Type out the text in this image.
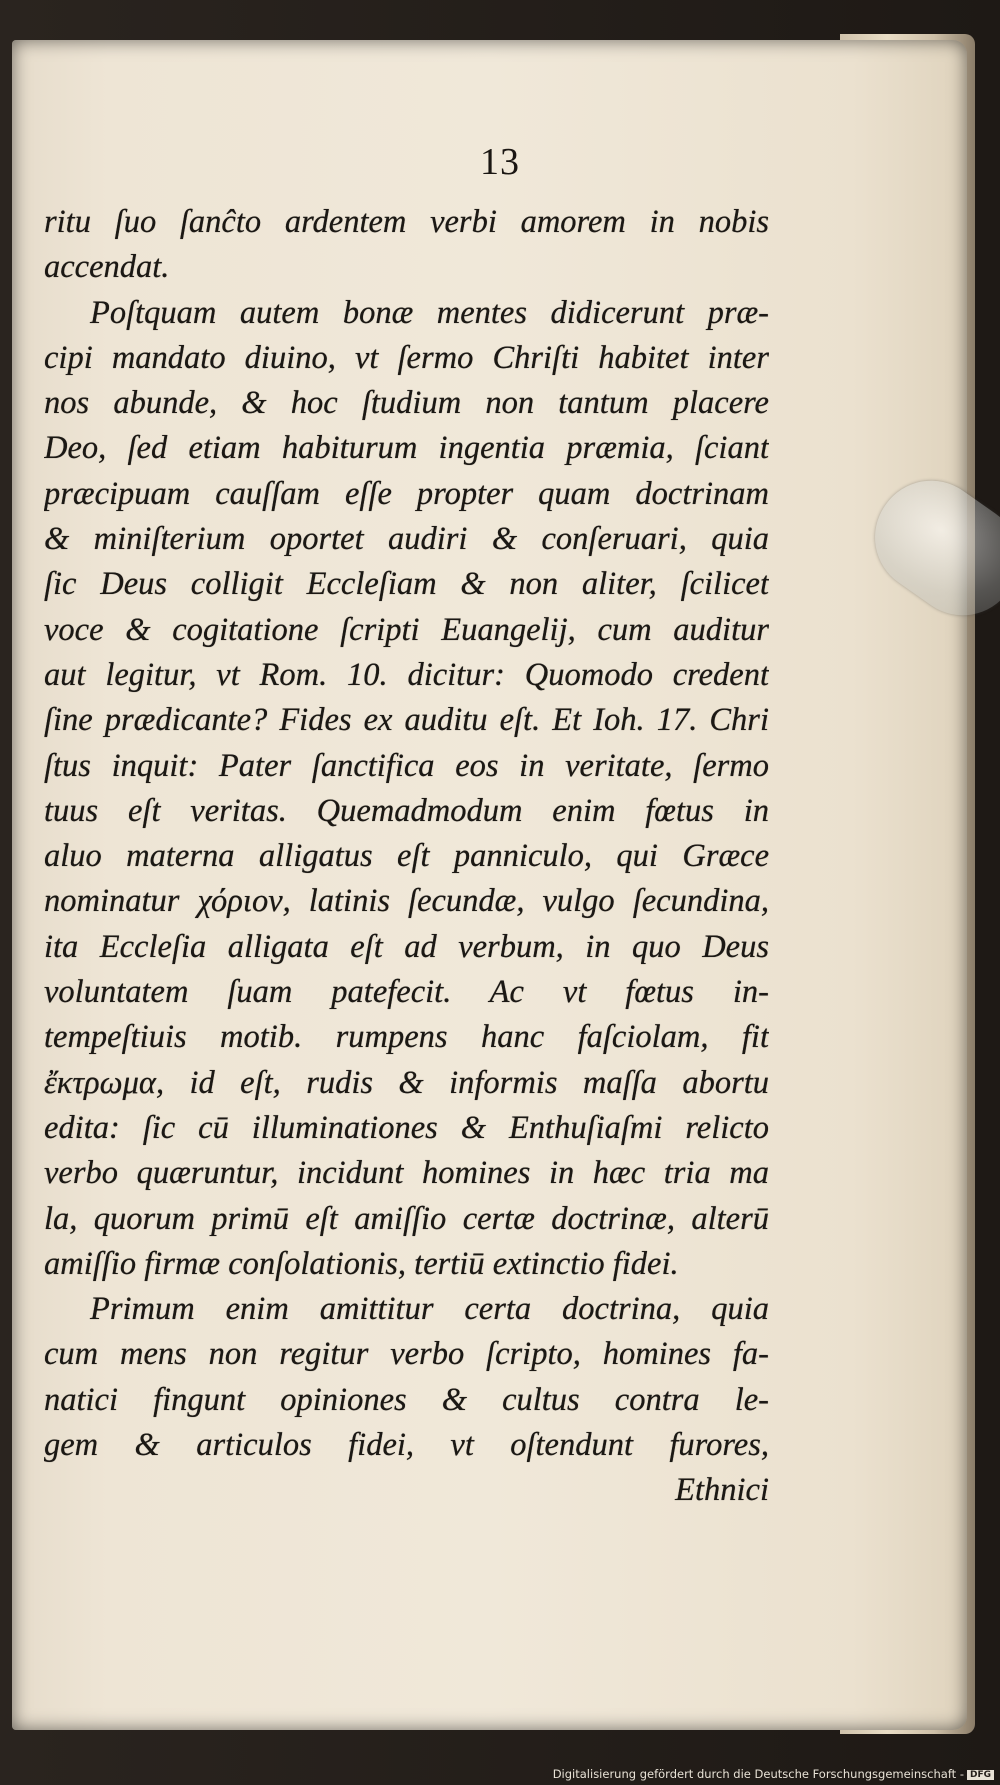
13
ritu ſuo ſanĉto ardentem verbi amorem in nobis
accendat.
Poſtquam autem bonæ mentes didicerunt præ-
cipi mandato diuino, vt ſermo Chriſti habitet inter
nos abunde, & hoc ſtudium non tantum placere
Deo, ſed etiam habiturum ingentia præmia, ſciant
præcipuam cauſſam eſſe propter quam doctrinam
& miniſterium oportet audiri & conſeruari, quia
ſic Deus colligit Eccleſiam & non aliter, ſcilicet
voce & cogitatione ſcripti Euangelij, cum auditur
aut legitur, vt Rom. 10. dicitur: Quomodo credent
ſine prædicante? Fides ex auditu eſt. Et Ioh. 17. Chri
ſtus inquit: Pater ſanctifica eos in veritate, ſermo
tuus eſt veritas. Quemadmodum enim fœtus in
aluo materna alligatus eſt panniculo, qui Græce
nominatur χόριον, latinis ſecundæ, vulgo ſecundina,
ita Eccleſia alligata eſt ad verbum, in quo Deus
voluntatem ſuam patefecit. Ac vt fœtus in-
tempeſtiuis motib. rumpens hanc faſciolam, fit
ἔκτρωμα, id eſt, rudis & informis maſſa abortu
edita: ſic cū illuminationes & Enthuſiaſmi relicto
verbo quæruntur, incidunt homines in hæc tria ma
la, quorum primū eſt amiſſio certæ doctrinæ, alterū
amiſſio firmæ conſolationis, tertiū extinctio fidei.
Primum enim amittitur certa doctrina, quia
cum mens non regitur verbo ſcripto, homines fa-
natici fingunt opiniones & cultus contra le-
gem & articulos fidei, vt oſtendunt furores,
Ethnici
Digitalisierung gefördert durch die Deutsche Forschungsgemeinschaft - DFG
